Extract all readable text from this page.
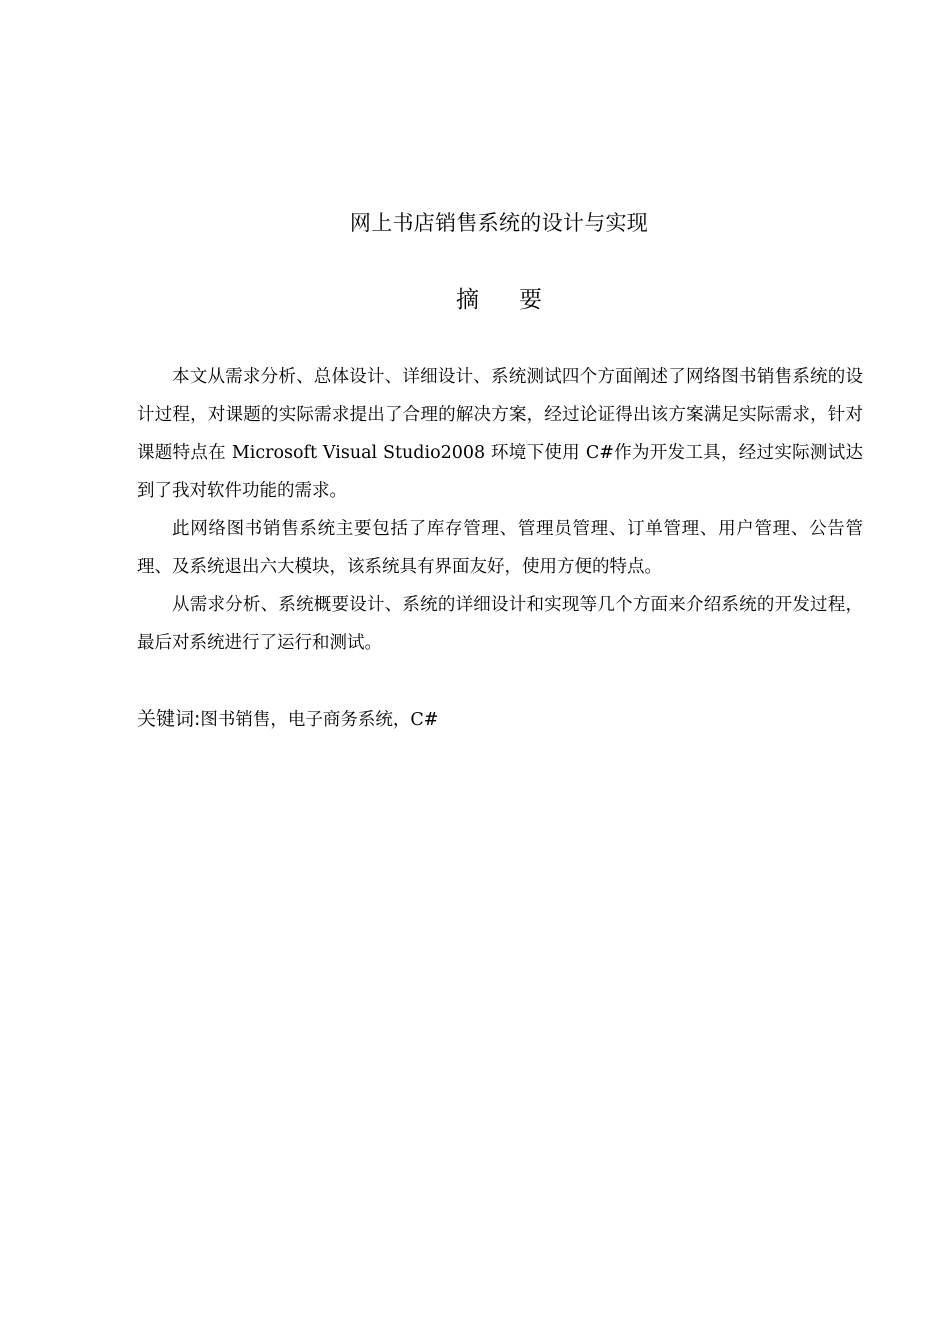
网上书店销售系统的设计与实现
摘要

本文从需求分析、总体设计、详细设计、系统测试四个方面阐述了网络图书销售系统的设计过程，对课题的实际需求提出了合理的解决方案，经过论证得出该方案满足实际需求，针对课题特点在 Microsoft Visual Studio2008 环境下使用 C#作为开发工具，经过实际测试达到了我对软件功能的需求。

此网络图书销售系统主要包括了库存管理、管理员管理、订单管理、用户管理、公告管理、及系统退出六大模块，该系统具有界面友好，使用方便的特点。

从需求分析、系统概要设计、系统的详细设计和实现等几个方面来介绍系统的开发过程，最后对系统进行了运行和测试。

关键词:图书销售，电子商务系统，C#
